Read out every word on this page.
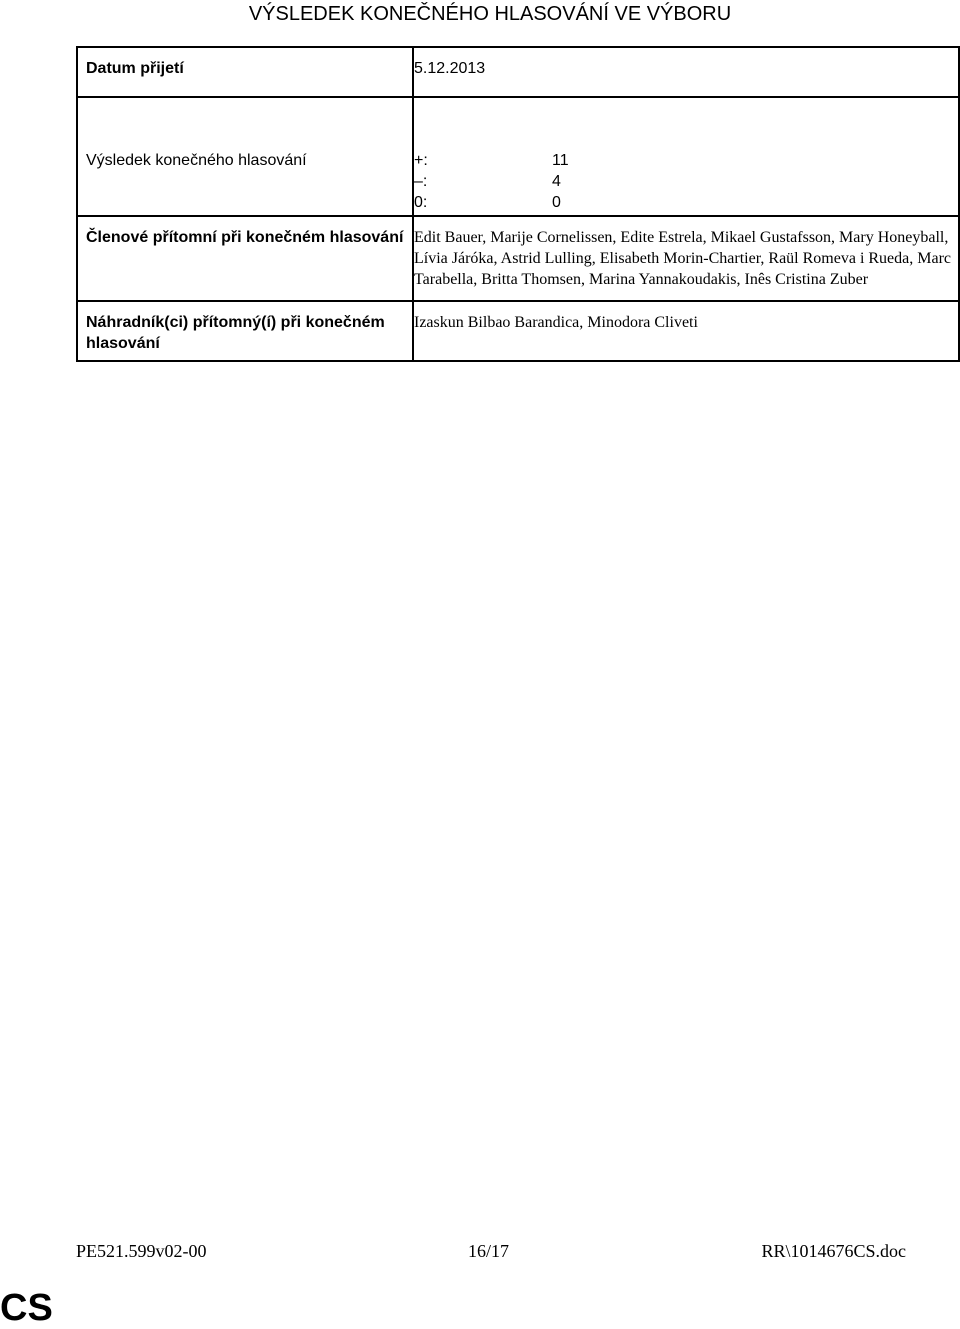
VÝSLEDEK KONEČNÉHO HLASOVÁNÍ VE VÝBORU
Datum přijetí	5.12.2013
Výsledek konečného hlasování		+:	11
–:	4
0:	0

Členové přítomní při konečném hlasování	Edit Bauer, Marije Cornelissen, Edite Estrela, Mikael Gustafsson, Mary Honeyball, Lívia Járóka, Astrid Lulling, Elisabeth Morin-Chartier, Raül Romeva i Rueda, Marc Tarabella, Britta Thomsen, Marina Yannakoudakis, Inês Cristina Zuber
Náhradník(ci) přítomný(í) při konečném hlasování	Izaskun Bilbao Barandica, Minodora Cliveti
PE521.599v02-00	16/17	RR\1014676CS.doc
CS
